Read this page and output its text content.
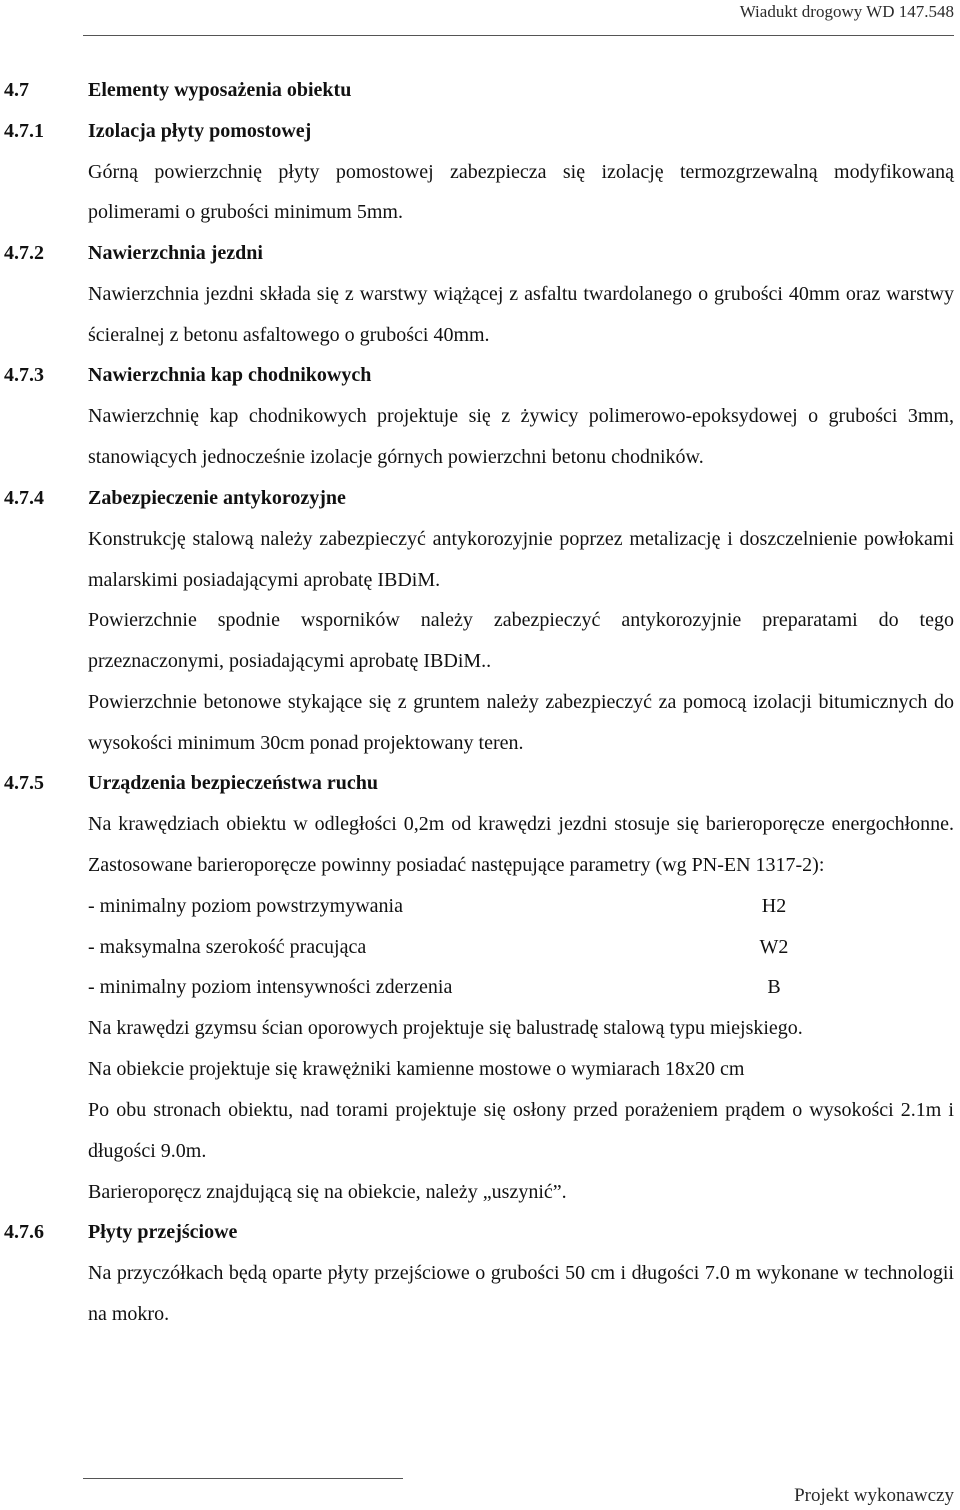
Wiadukt drogowy WD 147.548
4.7	Elementy wyposażenia obiektu
4.7.1	Izolacja płyty pomostowej
Górną powierzchnię płyty pomostowej zabezpiecza się izolację termozgrzewalną modyfikowaną polimerami o grubości minimum 5mm.
4.7.2	Nawierzchnia jezdni
Nawierzchnia jezdni składa się z warstwy wiążącej z asfaltu twardolanego o grubości 40mm oraz warstwy ścieralnej z betonu asfaltowego o grubości 40mm.
4.7.3	Nawierzchnia kap chodnikowych
Nawierzchnię kap chodnikowych projektuje się z żywicy polimerowo-epoksydowej o grubości 3mm, stanowiących jednocześnie izolacje górnych powierzchni betonu chodników.
4.7.4	Zabezpieczenie antykorozyjne
Konstrukcję stalową należy zabezpieczyć antykorozyjnie poprzez metalizację i doszczelnienie powłokami malarskimi posiadającymi aprobatę IBDiM.
Powierzchnie spodnie wsporników należy zabezpieczyć antykorozyjnie preparatami do tego przeznaczonymi, posiadającymi aprobatę IBDiM..
Powierzchnie betonowe stykające się z gruntem należy zabezpieczyć za pomocą izolacji bitumicznych do wysokości minimum 30cm ponad projektowany teren.
4.7.5	Urządzenia bezpieczeństwa ruchu
Na krawędziach obiektu w odległości 0,2m od krawędzi jezdni stosuje się barieroporęcze energochłonne. Zastosowane barieroporęcze powinny posiadać następujące parametry (wg PN-EN 1317-2):
- minimalny poziom powstrzymywania	H2
- maksymalna szerokość pracująca	W2
- minimalny poziom intensywności zderzenia	B
Na krawędzi gzymsu ścian oporowych projektuje się balustradę stalową typu miejskiego.
Na obiekcie projektuje się krawężniki kamienne mostowe o wymiarach 18x20 cm
Po obu stronach obiektu, nad torami projektuje się osłony przed porażeniem prądem o wysokości 2.1m i długości 9.0m.
Barieroporęcz znajdującą się na obiekcie, należy „uszynić”.
4.7.6	Płyty przejściowe
Na przyczółkach będą oparte płyty przejściowe o grubości 50 cm i długości 7.0 m wykonane w technologii na mokro.
Projekt wykonawczy
